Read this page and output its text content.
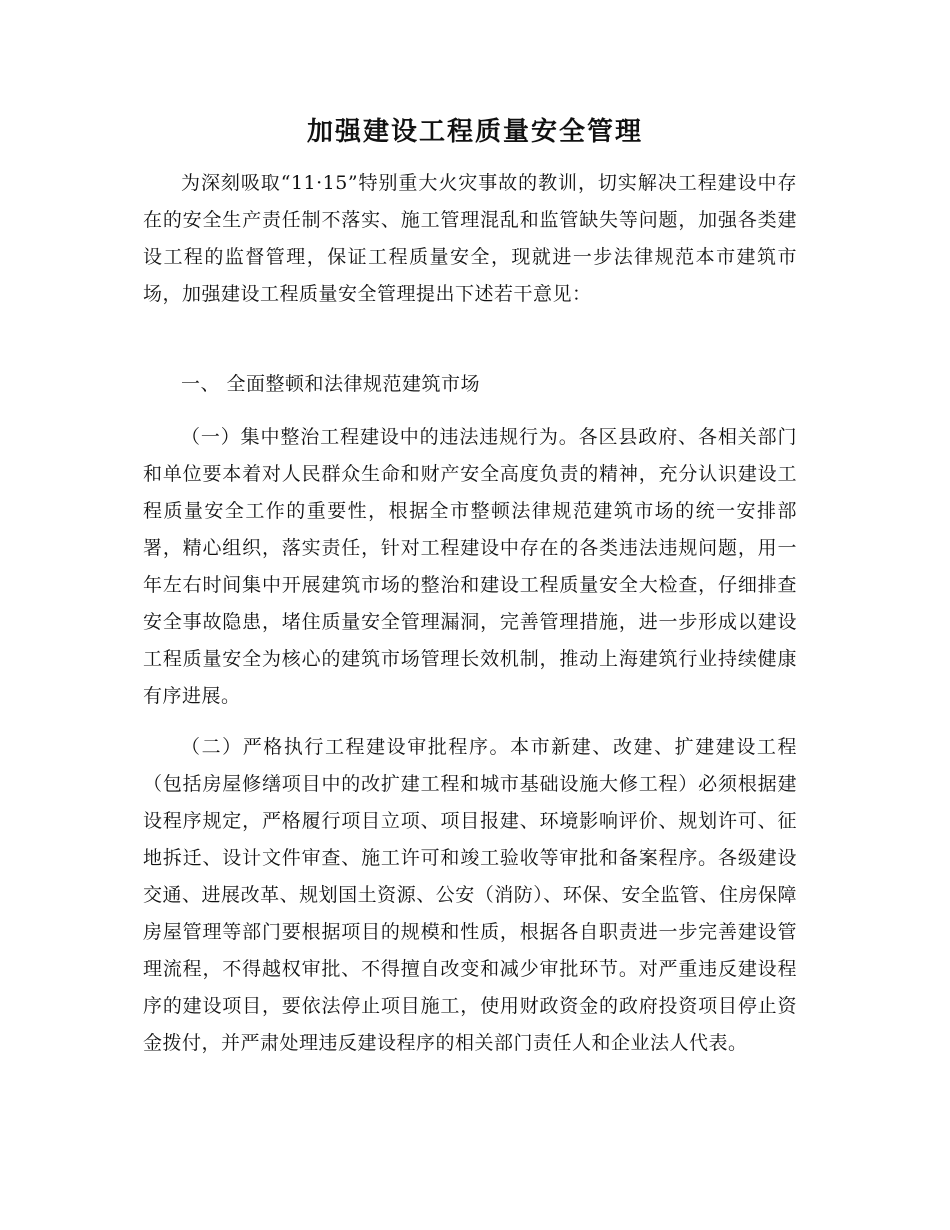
加强建设工程质量安全管理

为深刻吸取“11·15”特别重大火灾事故的教训，切实解决工程建设中存在的安全生产责任制不落实、施工管理混乱和监管缺失等问题，加强各类建设工程的监督管理，保证工程质量安全，现就进一步法律规范本市建筑市场，加强建设工程质量安全管理提出下述若干意见：

一、 全面整顿和法律规范建筑市场

（一）集中整治工程建设中的违法违规行为。各区县政府、各相关部门和单位要本着对人民群众生命和财产安全高度负责的精神，充分认识建设工程质量安全工作的重要性，根据全市整顿法律规范建筑市场的统一安排部署，精心组织，落实责任，针对工程建设中存在的各类违法违规问题，用一年左右时间集中开展建筑市场的整治和建设工程质量安全大检查，仔细排查安全事故隐患，堵住质量安全管理漏洞，完善管理措施，进一步形成以建设工程质量安全为核心的建筑市场管理长效机制，推动上海建筑行业持续健康有序进展。

（二）严格执行工程建设审批程序。本市新建、改建、扩建建设工程（包括房屋修缮项目中的改扩建工程和城市基础设施大修工程）必须根据建设程序规定，严格履行项目立项、项目报建、环境影响评价、规划许可、征地拆迁、设计文件审查、施工许可和竣工验收等审批和备案程序。各级建设交通、进展改革、规划国土资源、公安（消防）、环保、安全监管、住房保障房屋管理等部门要根据项目的规模和性质，根据各自职责进一步完善建设管理流程，不得越权审批、不得擅自改变和减少审批环节。对严重违反建设程序的建设项目，要依法停止项目施工，使用财政资金的政府投资项目停止资金拨付，并严肃处理违反建设程序的相关部门责任人和企业法人代表。
